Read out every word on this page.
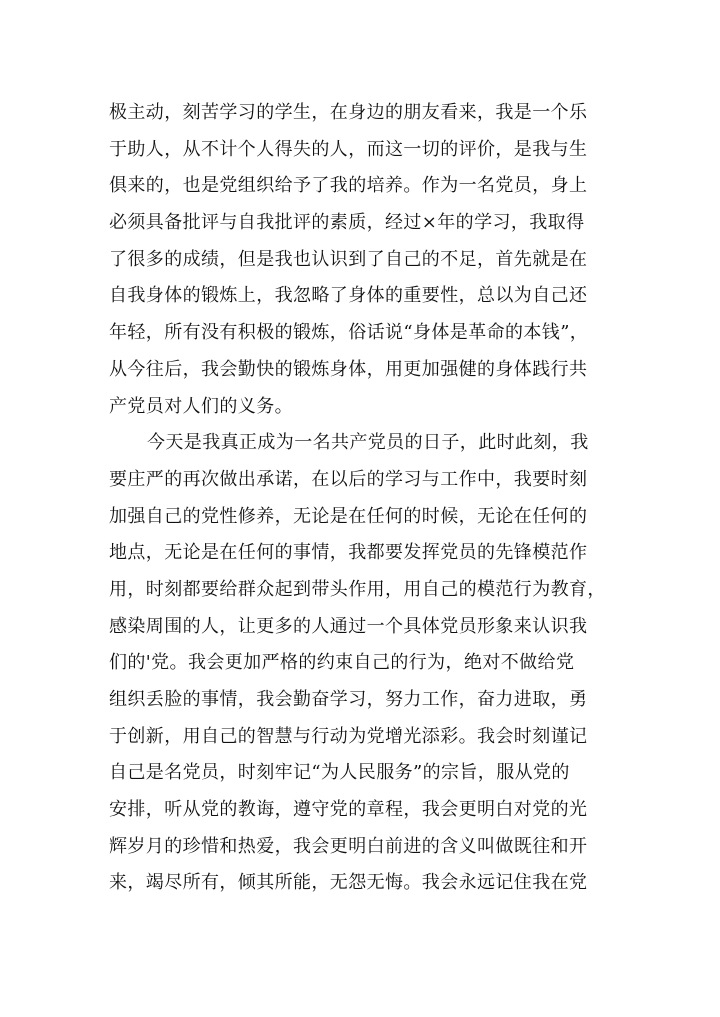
极主动，刻苦学习的学生，在身边的朋友看来，我是一个乐
于助人，从不计个人得失的人，而这一切的评价，是我与生
俱来的，也是党组织给予了我的培养。作为一名党员，身上
必须具备批评与自我批评的素质，经过×年的学习，我取得
了很多的成绩，但是我也认识到了自己的不足，首先就是在
自我身体的锻炼上，我忽略了身体的重要性，总以为自己还
年轻，所有没有积极的锻炼，俗话说“身体是革命的本钱”，
从今往后，我会勤快的锻炼身体，用更加强健的身体践行共
产党员对人们的义务。
今天是我真正成为一名共产党员的日子，此时此刻，我
要庄严的再次做出承诺，在以后的学习与工作中，我要时刻
加强自己的党性修养，无论是在任何的时候，无论在任何的
地点，无论是在任何的事情，我都要发挥党员的先锋模范作
用，时刻都要给群众起到带头作用，用自己的模范行为教育，
感染周围的人，让更多的人通过一个具体党员形象来认识我
们的'党。我会更加严格的约束自己的行为，绝对不做给党
组织丢脸的事情，我会勤奋学习，努力工作，奋力进取，勇
于创新，用自己的智慧与行动为党增光添彩。我会时刻谨记
自己是名党员，时刻牢记“为人民服务”的宗旨，服从党的
安排，听从党的教诲，遵守党的章程，我会更明白对党的光
辉岁月的珍惜和热爱，我会更明白前进的含义叫做既往和开
来，竭尽所有，倾其所能，无怨无悔。我会永远记住我在党
